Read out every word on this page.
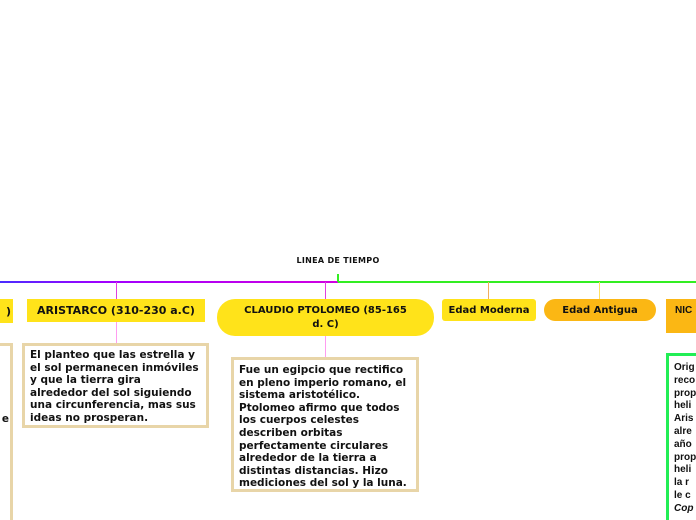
LINEA DE TIEMPO
)
e
ARISTARCO (310-230 a.C)
El planteo que las estrella y el sol permanecen inmóviles y que la tierra gira alrededor del sol siguiendo una circunferencia, mas sus ideas no prosperan.
CLAUDIO PTOLOMEO (85-165 d. C)
Fue un egipcio que rectifico en pleno imperio romano, el sistema aristotélico. Ptolomeo afirmo que todos los cuerpos celestes describen orbitas perfectamente circulares alrededor de la tierra a distintas distancias. Hizo mediciones del sol y la luna.
Edad Moderna	Edad Antigua	NIC
Orig
reco
prop
heli
Aris
alre
año
prop
heli
la r
le c
Cop
